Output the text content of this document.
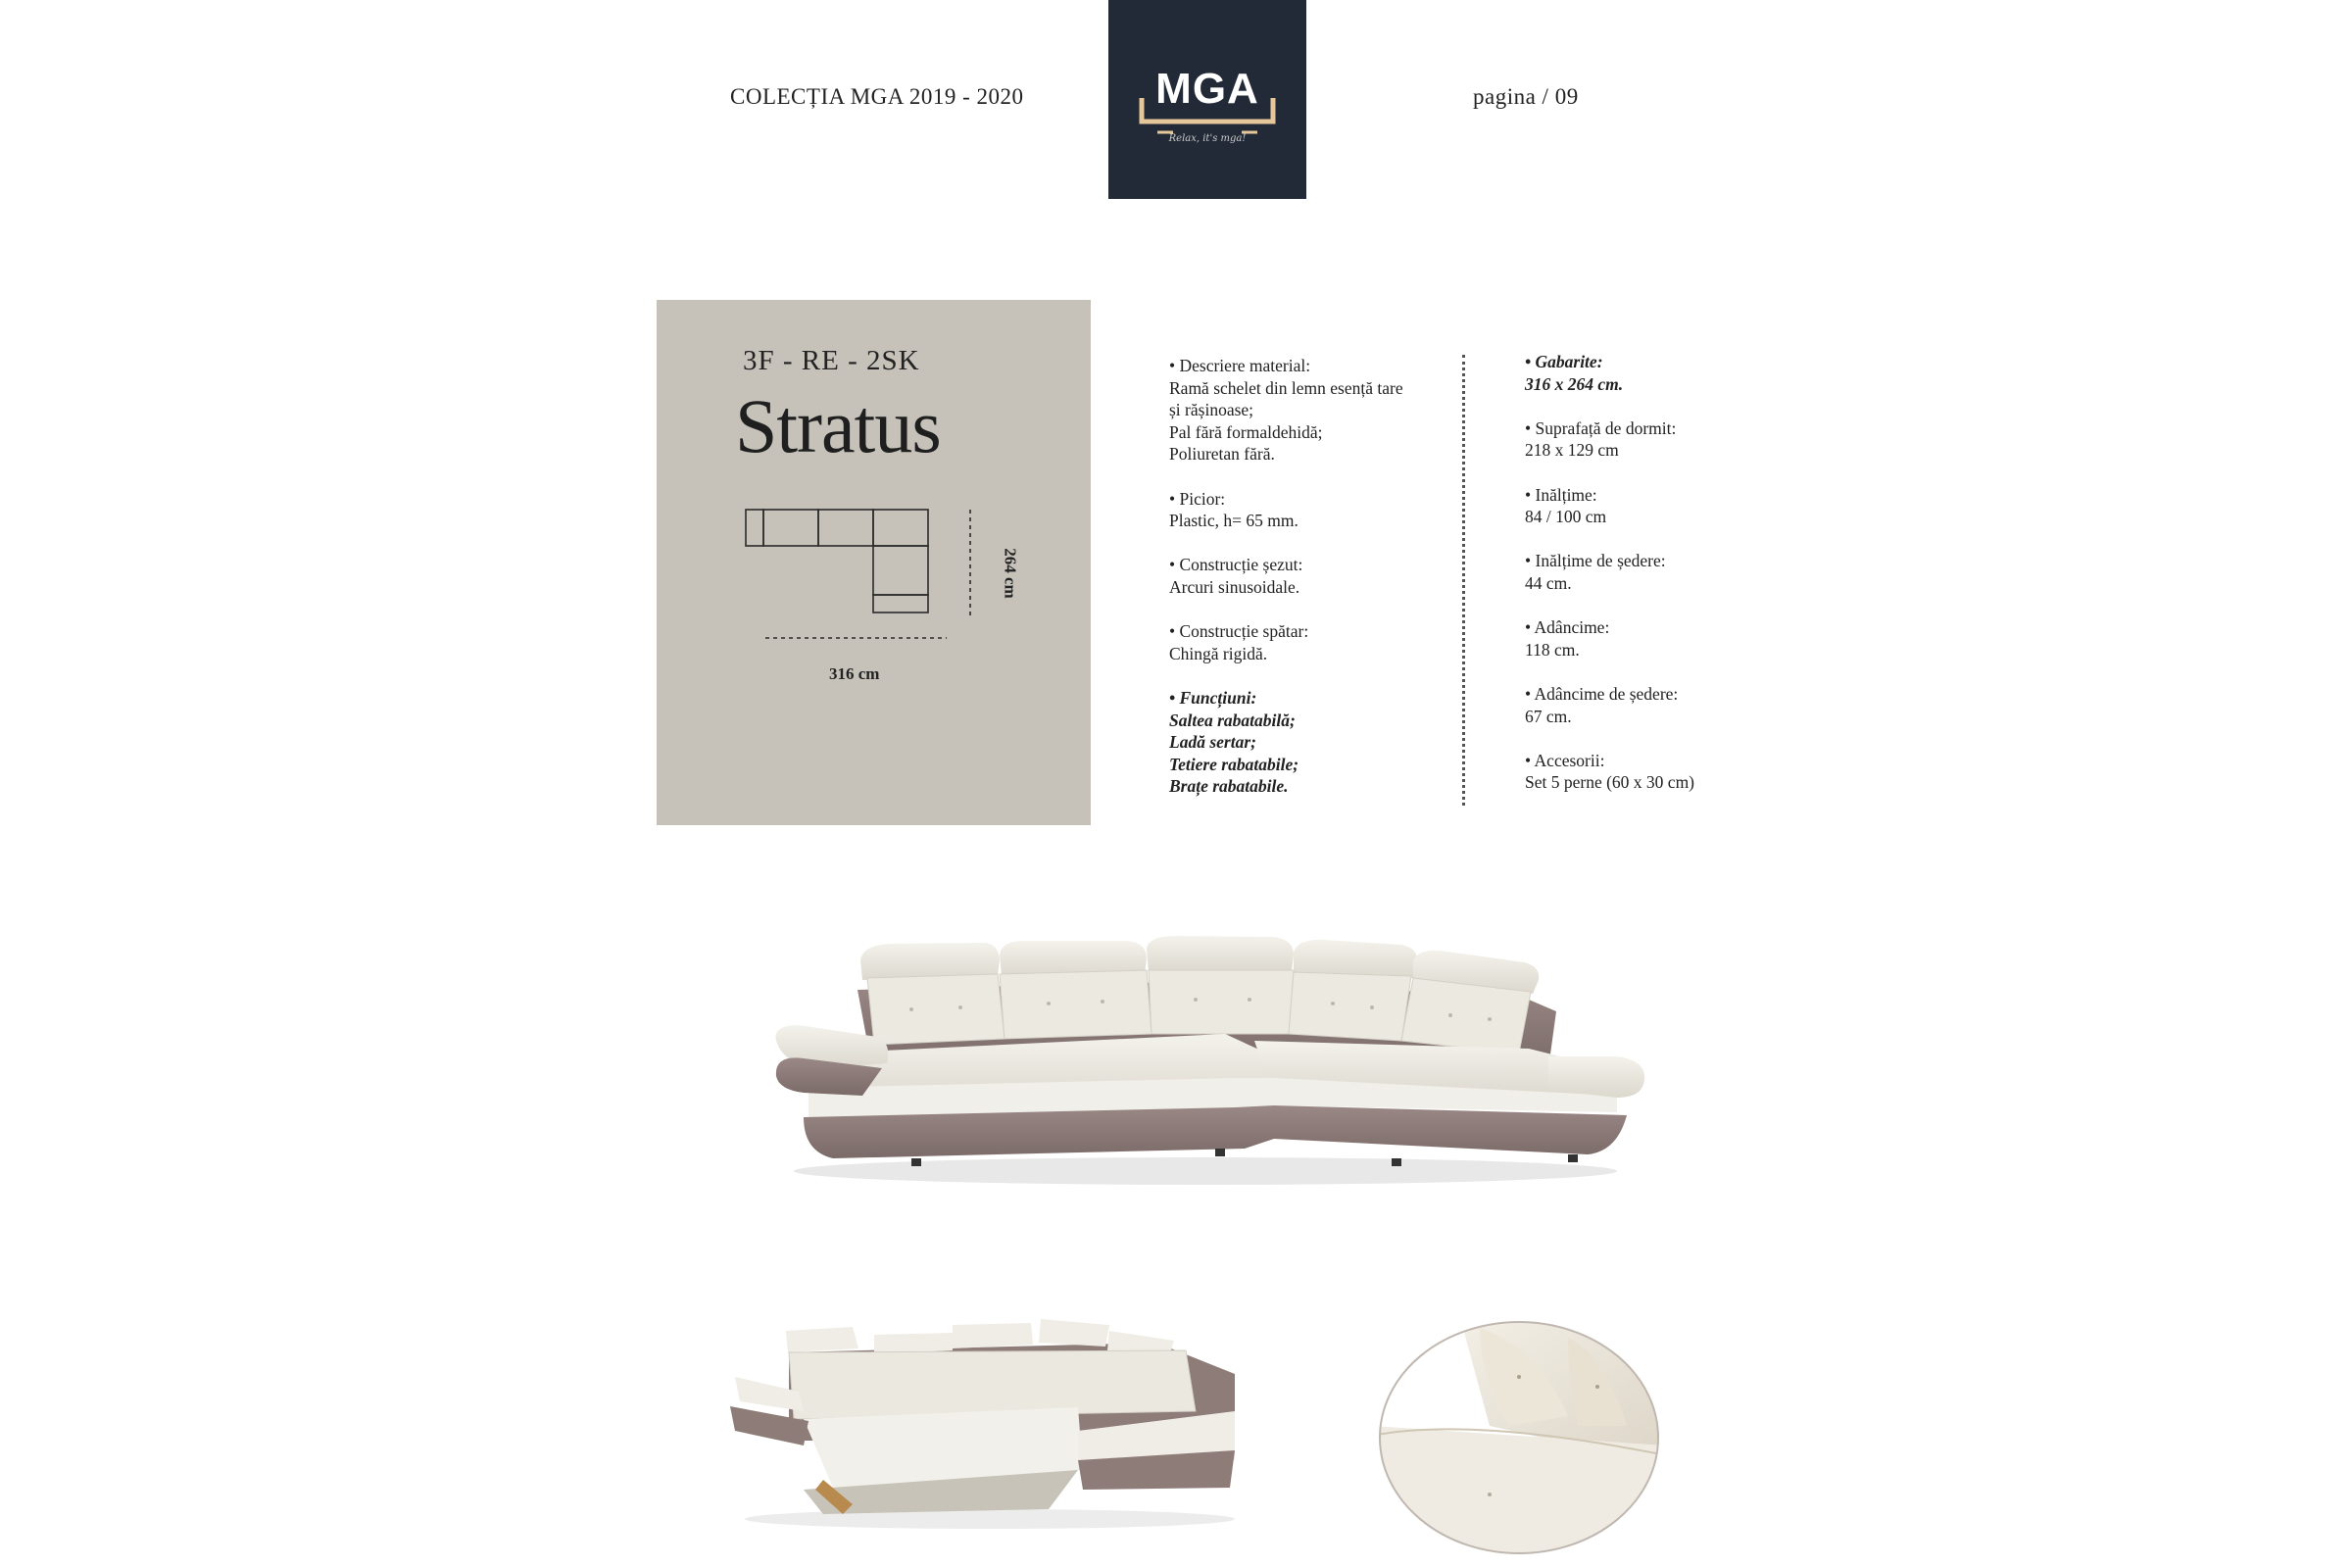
COLECȚIA MGA 2019 - 2020	pagina / 09
MGA
Relax, it's mga!
3F - RE - 2SK
Stratus
264 cm
316 cm

• Descriere material:
Ramă schelet din lemn esență tare
și rășinoase;
Pal fără formaldehidă;
Poliuretan fără.

• Picior:
Plastic, h= 65 mm.

• Construcție șezut:
Arcuri sinusoidale.

• Construcție spătar:
Chingă rigidă.

• Funcțiuni:
Saltea rabatabilă;
Ladă sertar;
Tetiere rabatabile;
Brațe rabatabile.

• Gabarite:
316 x 264 cm.

• Suprafață de dormit:
218 x 129 cm

• Inălțime:
84 / 100 cm

• Inălțime de ședere:
44 cm.

• Adâncime:
118 cm.

• Adâncime de ședere:
67 cm.

• Accesorii:
Set 5 perne (60 x 30 cm)
